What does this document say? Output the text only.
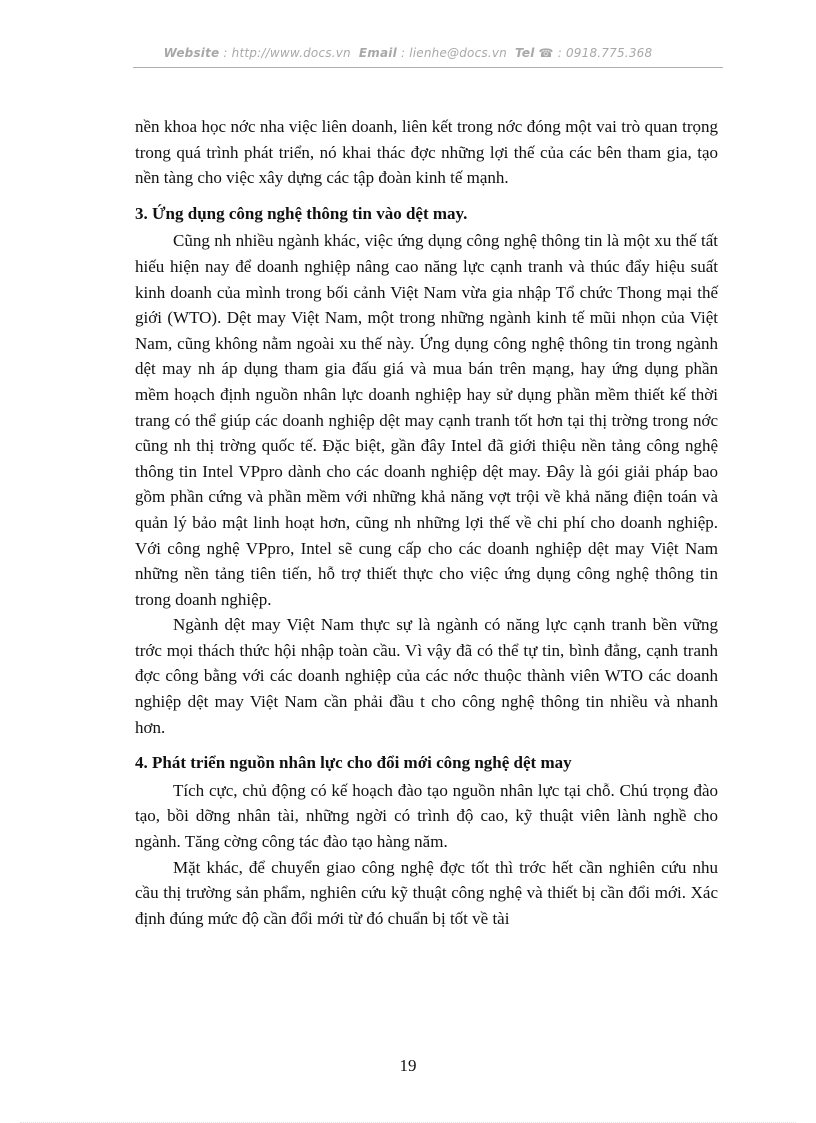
Website : http://www.docs.vn Email : lienhe@docs.vn Tel ☎ : 0918.775.368

nền khoa học nớc nha việc liên doanh, liên kết trong nớc đóng một vai trò quan trọng trong quá trình phát triển, nó khai thác đợc những lợi thế của các bên tham gia, tạo nền tàng cho việc xây dựng các tập đoàn kinh tế mạnh.

3. Ứng dụng công nghệ thông tin vào dệt may.

Cũng nh nhiều ngành khác, việc ứng dụng công nghệ thông tin là một xu thế tất hiếu hiện nay để doanh nghiệp nâng cao năng lực cạnh tranh và thúc đẩy hiệu suất kinh doanh của mình trong bối cảnh Việt Nam vừa gia nhập Tổ chức Thong mại thế giới (WTO). Dệt may Việt Nam, một trong những ngành kinh tế mũi nhọn của Việt Nam, cũng không nằm ngoài xu thế này. Ứng dụng công nghệ thông tin trong ngành dệt may nh áp dụng tham gia đấu giá và mua bán trên mạng, hay ứng dụng phần mềm hoạch định nguồn nhân lực doanh nghiệp hay sử dụng phần mềm thiết kế thời trang có thể giúp các doanh nghiệp dệt may cạnh tranh tốt hơn tại thị trờng trong nớc cũng nh thị trờng quốc tế. Đặc biệt, gần đây Intel đã giới thiệu nền tảng công nghệ thông tin Intel VPpro dành cho các doanh nghiệp dệt may. Đây là gói giải pháp bao gồm phần cứng và phần mềm với những khả năng vợt trội về khả năng điện toán và quản lý bảo mật linh hoạt hơn, cũng nh những lợi thế về chi phí cho doanh nghiệp. Với công nghệ VPpro, Intel sẽ cung cấp cho các doanh nghiệp dệt may Việt Nam những nền tảng tiên tiến, hỗ trợ thiết thực cho việc ứng dụng công nghệ thông tin trong doanh nghiệp.

Ngành dệt may Việt Nam thực sự là ngành có năng lực cạnh tranh bền vững trớc mọi thách thức hội nhập toàn cầu. Vì vậy đã có thể tự tin, bình đẳng, cạnh tranh đợc công bằng với các doanh nghiệp của các nớc thuộc thành viên WTO các doanh nghiệp dệt may Việt Nam cần phải đầu t cho công nghệ thông tin nhiều và nhanh hơn.

4. Phát triển nguồn nhân lực cho đổi mới công nghệ dệt may

Tích cực, chủ động có kế hoạch đào tạo nguồn nhân lực tại chỗ. Chú trọng đào tạo, bồi dỡng nhân tài, những ngời có trình độ cao, kỹ thuật viên lành nghề cho ngành. Tăng cờng công tác đào tạo hàng năm.

Mặt khác, để chuyển giao công nghệ đợc tốt thì trớc hết cần nghiên cứu nhu cầu thị trường sản phẩm, nghiên cứu kỹ thuật công nghệ và thiết bị cần đổi mới. Xác định đúng mức độ cần đổi mới từ đó chuẩn bị tốt về tài

19
